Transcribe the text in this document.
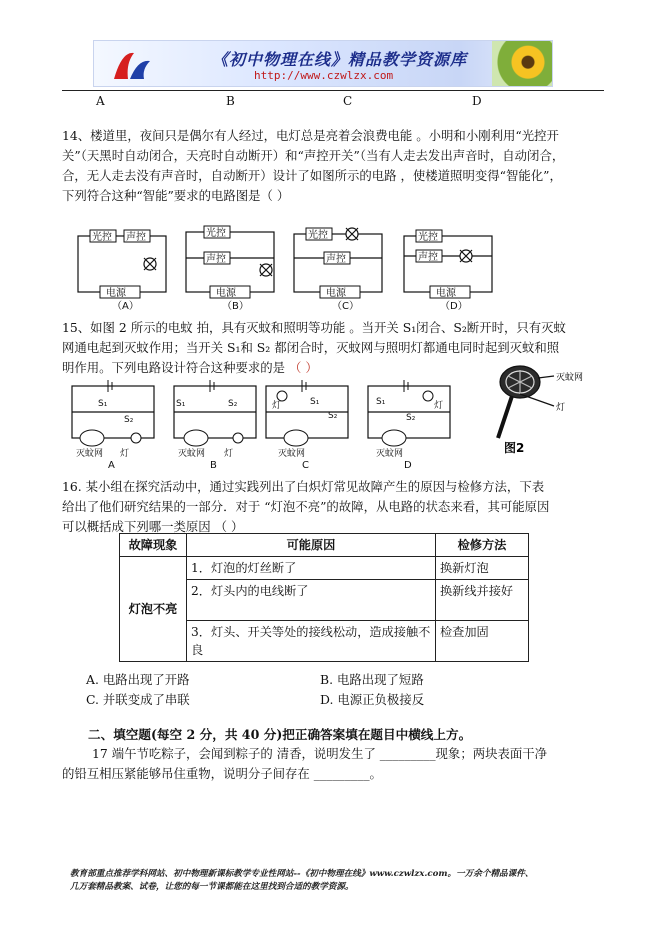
《初中物理在线》精品教学资源库
http://www.czwlzx.com
A	B	C	D
14、楼道里，夜间只是偶尔有人经过，电灯总是亮着会浪费电能 。小明和小刚利用“光控开
关”（天黑时自动闭合，天亮时自动断开）和“声控开关”（当有人走去发出声音时，自动闭合，
合，无人走去没有声音时，自动断开）设计了如图所示的电路 ，使楼道照明变得“智能化”，
下列符合这种“智能”要求的电路图是（ ）
光控 声控
电源
光控
声控
电源
光控
声控
电源
光控
声控
电源
（A）	（B）	（C）	（D）
15、如图 2 所示的电蚊 拍，具有灭蚊和照明等功能 。当开关 S₁闭合、S₂断开时，只有灭蚊
网通电起到灭蚊作用；当开关 S₁和 S₂ 都闭合时，灭蚊网与照明灯都通电同时起到灭蚊和照
明作用。下列电路设计符合这种要求的是 （ ）
S₁
S₂
灭蚊网 灯
S₁	S₂
灭蚊网 灯
S₁
S₂
灭蚊网
灯	S₁
S₂
灭蚊网
灯
A	B	C	D
灭蚊网
灯
图2
16. 某小组在探究活动中，通过实践列出了白炽灯常见故障产生的原因与检修方法，下表
给出了他们研究结果的一部分．对于 “灯泡不亮”的故障，从电路的状态来看，其可能原因
可以概括成下列哪一类原因 （ ）
故障现象	可能原因	检修方法
灯泡不亮	1．灯泡的灯丝断了	换新灯泡
	2．灯头内的电线断了	换新线并接好
	3．灯头、开关等处的接线松动，造成接触不良	检查加固
A. 电路出现了开路	B. 电路出现了短路
C. 并联变成了串联	D. 电源正负极接反
二、填空题(每空 2 分，共 40 分)把正确答案填在题目中横线上方。
17 端午节吃粽子，会闻到粽子的 清香，说明发生了 _________现象；两块表面干净
的铅互相压紧能够吊住重物，说明分子间存在 _________。
教育部重点推荐学科网站、初中物理新课标教学专业性网站--《初中物理在线》www.czwlzx.com。一万余个精品课件、
几万套精品教案、试卷，让您的每一节课都能在这里找到合适的教学资源。
